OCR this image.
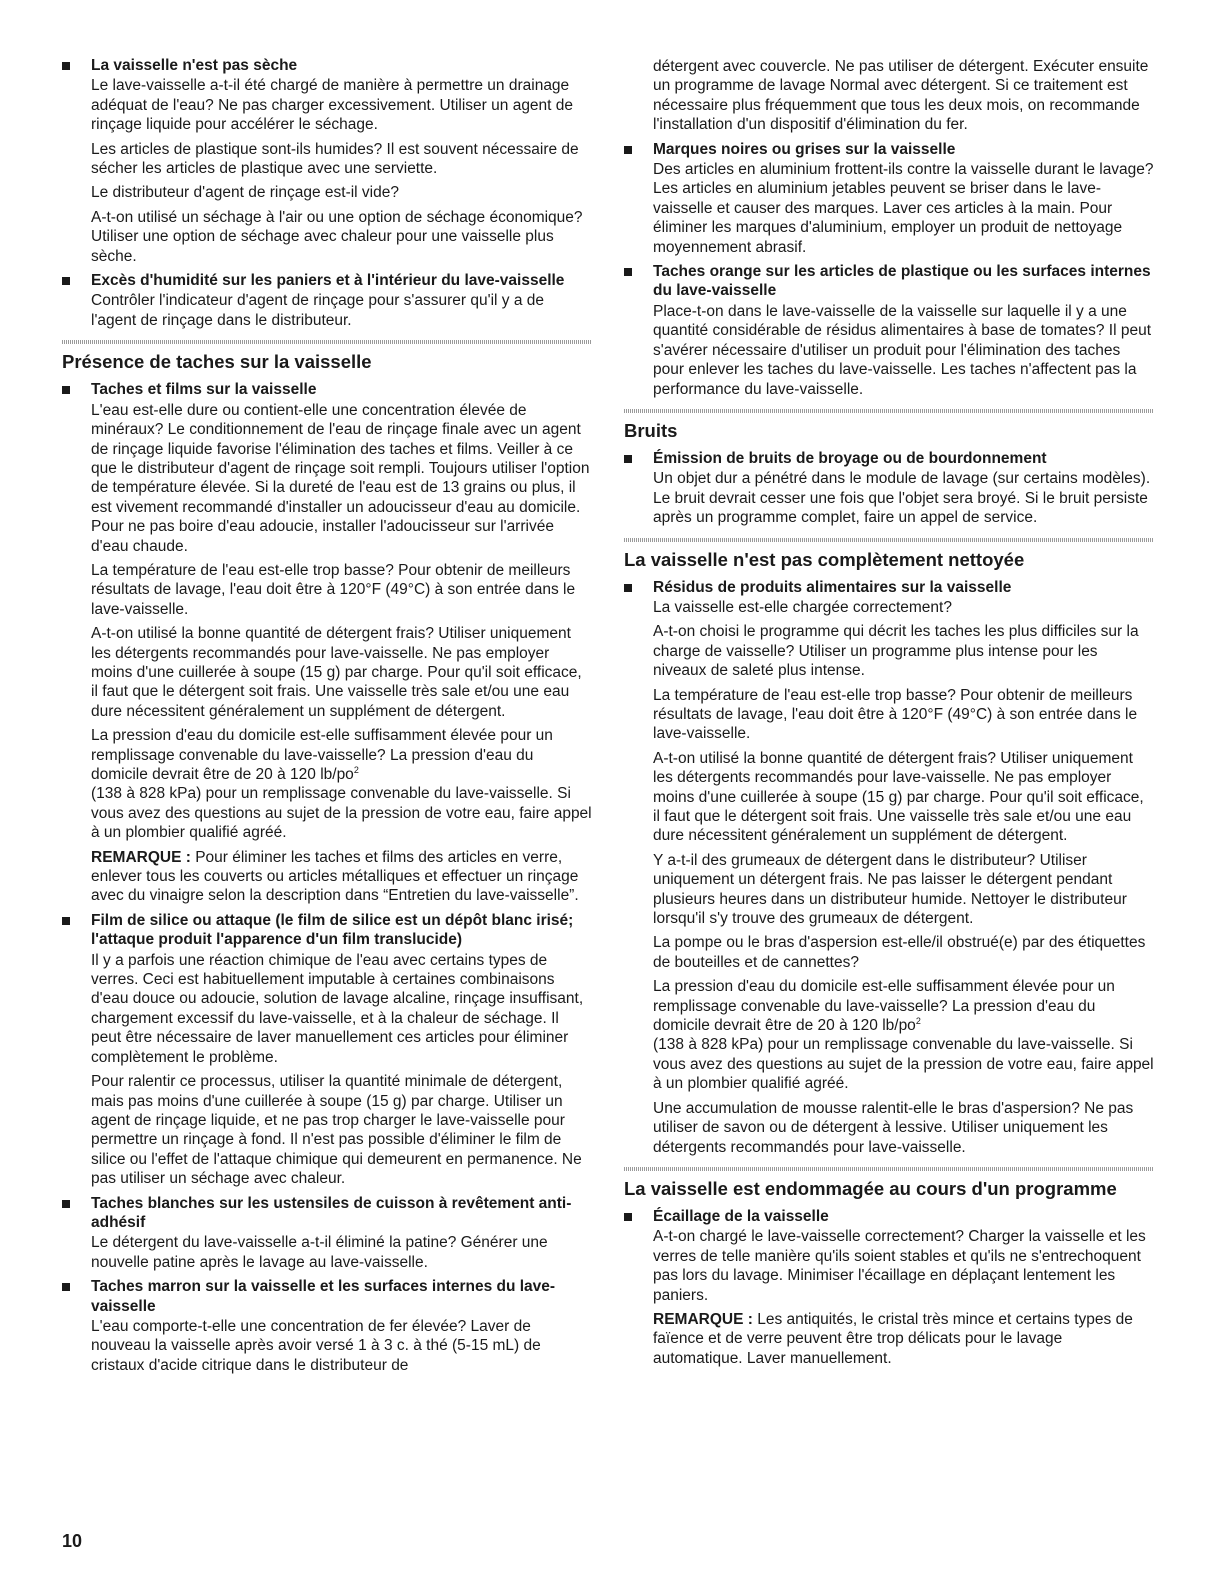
La vaisselle n'est pas sèche

Le lave-vaisselle a-t-il été chargé de manière à permettre un drainage adéquat de l'eau? Ne pas charger excessivement. Utiliser un agent de rinçage liquide pour accélérer le séchage.

Les articles de plastique sont-ils humides? Il est souvent nécessaire de sécher les articles de plastique avec une serviette.

Le distributeur d'agent de rinçage est-il vide?

A-t-on utilisé un séchage à l'air ou une option de séchage économique? Utiliser une option de séchage avec chaleur pour une vaisselle plus sèche.

Excès d'humidité sur les paniers et à l'intérieur du lave-vaisselle

Contrôler l'indicateur d'agent de rinçage pour s'assurer qu'il y a de l'agent de rinçage dans le distributeur.

Présence de taches sur la vaisselle
Taches et films sur la vaisselle

L'eau est-elle dure ou contient-elle une concentration élevée de minéraux? Le conditionnement de l'eau de rinçage finale avec un agent de rinçage liquide favorise l'élimination des taches et films. Veiller à ce que le distributeur d'agent de rinçage soit rempli. Toujours utiliser l'option de température élevée. Si la dureté de l'eau est de 13 grains ou plus, il est vivement recommandé d'installer un adoucisseur d'eau au domicile. Pour ne pas boire d'eau adoucie, installer l'adoucisseur sur l'arrivée d'eau chaude.

La température de l'eau est-elle trop basse? Pour obtenir de meilleurs résultats de lavage, l'eau doit être à 120°F (49°C) à son entrée dans le lave-vaisselle.

A-t-on utilisé la bonne quantité de détergent frais? Utiliser uniquement les détergents recommandés pour lave-vaisselle. Ne pas employer moins d'une cuillerée à soupe (15 g) par charge. Pour qu'il soit efficace, il faut que le détergent soit frais. Une vaisselle très sale et/ou une eau dure nécessitent généralement un supplément de détergent.

La pression d'eau du domicile est-elle suffisamment élevée pour un remplissage convenable du lave-vaisselle? La pression d'eau du domicile devrait être de 20 à 120 $lb/po^2$
(138 à 828 kPa) pour un remplissage convenable du lave-vaisselle. Si vous avez des questions au sujet de la pression de votre eau, faire appel à un plombier qualifié agréé.

REMARQUE : Pour éliminer les taches et films des articles en verre, enlever tous les couverts ou articles métalliques et effectuer un rinçage avec du vinaigre selon la description dans “Entretien du lave-vaisselle”.

Film de silice ou attaque (le film de silice est un dépôt blanc irisé; l'attaque produit l'apparence d'un film translucide)

Il y a parfois une réaction chimique de l'eau avec certains types de verres. Ceci est habituellement imputable à certaines combinaisons d'eau douce ou adoucie, solution de lavage alcaline, rinçage insuffisant, chargement excessif du lave-vaisselle, et à la chaleur de séchage. Il peut être nécessaire de laver manuellement ces articles pour éliminer complètement le problème.

Pour ralentir ce processus, utiliser la quantité minimale de détergent, mais pas moins d'une cuillerée à soupe (15 g) par charge. Utiliser un agent de rinçage liquide, et ne pas trop charger le lave-vaisselle pour permettre un rinçage à fond. Il n'est pas possible d'éliminer le film de silice ou l'effet de l'attaque chimique qui demeurent en permanence. Ne pas utiliser un séchage avec chaleur.

Taches blanches sur les ustensiles de cuisson à revêtement anti-adhésif

Le détergent du lave-vaisselle a-t-il éliminé la patine? Générer une nouvelle patine après le lavage au lave-vaisselle.

Taches marron sur la vaisselle et les surfaces internes du lave-vaisselle

L'eau comporte-t-elle une concentration de fer élevée? Laver de nouveau la vaisselle après avoir versé 1 à 3 c. à thé (5-15 mL) de cristaux d'acide citrique dans le distributeur de

détergent avec couvercle. Ne pas utiliser de détergent. Exécuter ensuite un programme de lavage Normal avec détergent. Si ce traitement est nécessaire plus fréquemment que tous les deux mois, on recommande l'installation d'un dispositif d'élimination du fer.

Marques noires ou grises sur la vaisselle

Des articles en aluminium frottent-ils contre la vaisselle durant le lavage? Les articles en aluminium jetables peuvent se briser dans le lave-vaisselle et causer des marques. Laver ces articles à la main. Pour éliminer les marques d'aluminium, employer un produit de nettoyage moyennement abrasif.

Taches orange sur les articles de plastique ou les surfaces internes du lave-vaisselle

Place-t-on dans le lave-vaisselle de la vaisselle sur laquelle il y a une quantité considérable de résidus alimentaires à base de tomates? Il peut s'avérer nécessaire d'utiliser un produit pour l'élimination des taches pour enlever les taches du lave-vaisselle. Les taches n'affectent pas la performance du lave-vaisselle.

Bruits
Émission de bruits de broyage ou de bourdonnement

Un objet dur a pénétré dans le module de lavage (sur certains modèles). Le bruit devrait cesser une fois que l'objet sera broyé. Si le bruit persiste après un programme complet, faire un appel de service.

La vaisselle n'est pas complètement nettoyée
Résidus de produits alimentaires sur la vaisselle

La vaisselle est-elle chargée correctement?

A-t-on choisi le programme qui décrit les taches les plus difficiles sur la charge de vaisselle? Utiliser un programme plus intense pour les niveaux de saleté plus intense.

La température de l'eau est-elle trop basse? Pour obtenir de meilleurs résultats de lavage, l'eau doit être à 120°F (49°C) à son entrée dans le lave-vaisselle.

A-t-on utilisé la bonne quantité de détergent frais? Utiliser uniquement les détergents recommandés pour lave-vaisselle. Ne pas employer moins d'une cuillerée à soupe (15 g) par charge. Pour qu'il soit efficace, il faut que le détergent soit frais. Une vaisselle très sale et/ou une eau dure nécessitent généralement un supplément de détergent.

Y a-t-il des grumeaux de détergent dans le distributeur? Utiliser uniquement un détergent frais. Ne pas laisser le détergent pendant plusieurs heures dans un distributeur humide. Nettoyer le distributeur lorsqu'il s'y trouve des grumeaux de détergent.

La pompe ou le bras d'aspersion est-elle/il obstrué(e) par des étiquettes de bouteilles et de cannettes?

La pression d'eau du domicile est-elle suffisamment élevée pour un remplissage convenable du lave-vaisselle? La pression d'eau du domicile devrait être de 20 à 120 $lb/po^2$
(138 à 828 kPa) pour un remplissage convenable du lave-vaisselle. Si vous avez des questions au sujet de la pression de votre eau, faire appel à un plombier qualifié agréé.

Une accumulation de mousse ralentit-elle le bras d'aspersion? Ne pas utiliser de savon ou de détergent à lessive. Utiliser uniquement les détergents recommandés pour lave-vaisselle.

La vaisselle est endommagée au cours d'un programme
Écaillage de la vaisselle

A-t-on chargé le lave-vaisselle correctement? Charger la vaisselle et les verres de telle manière qu'ils soient stables et qu'ils ne s'entrechoquent pas lors du lavage. Minimiser l'écaillage en déplaçant lentement les paniers.

REMARQUE : Les antiquités, le cristal très mince et certains types de faïence et de verre peuvent être trop délicats pour le lavage automatique. Laver manuellement.

10
